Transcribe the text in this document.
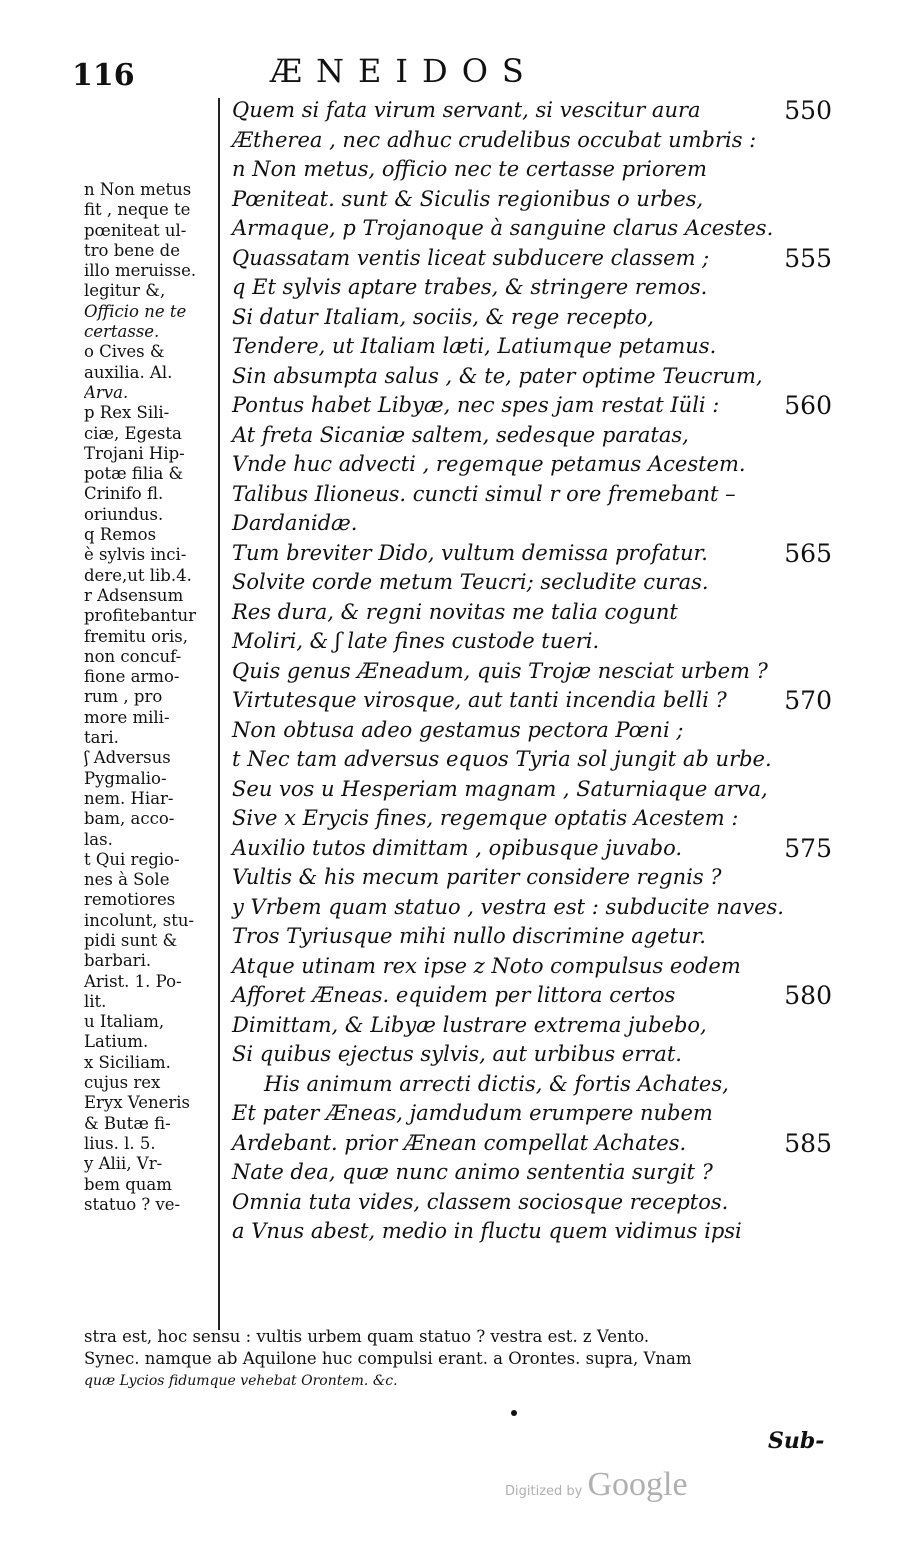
116	ÆNEIDOS
n Non metus
fit , neque te
pœniteat ul-
tro bene de
illo meruisse.
legitur &,
Officio ne te
certasse.
o Cives &
auxilia. Al.
Arva.
p Rex Sili-
ciæ, Egesta
Trojani Hip-
potæ filia &
Crinifo fl.
oriundus.
q Remos
è sylvis inci-
dere,ut lib.4.
r Adsensum
profitebantur
fremitu oris,
non concuf-
fione armo-
rum , pro
more mili-
tari.
ʃ Adversus
Pygmalio-
nem. Hiar-
bam, acco-
las.
t Qui regio-
nes à Sole
remotiores
incolunt, stu-
pidi sunt &
barbari.
Arist. 1. Po-
lit.
u Italiam,
Latium.
x Siciliam.
cujus rex
Eryx Veneris
& Butæ fi-
lius. l. 5.
y Alii, Vr-
bem quam
statuo ? ve-
Quem si fata virum servant, si vescitur aura	550
Ætherea , nec adhuc crudelibus occubat umbris :
n Non metus, officio nec te certasse priorem
Pœniteat. sunt & Siculis regionibus o urbes,
Armaque, p Trojanoque à sanguine clarus Acestes.
Quassatam ventis liceat subducere classem ;	555
q Et sylvis aptare trabes, & stringere remos.
Si datur Italiam, sociis, & rege recepto,
Tendere, ut Italiam læti, Latiumque petamus.
Sin absumpta salus , & te, pater optime Teucrum,
Pontus habet Libyæ, nec spes jam restat Iüli :	560
At freta Sicaniæ saltem, sedesque paratas,
Vnde huc advecti , regemque petamus Acestem.
Talibus Ilioneus. cuncti simul r ore fremebant –
Dardanidæ.
Tum breviter Dido, vultum demissa profatur.	565
Solvite corde metum Teucri; secludite curas.
Res dura, & regni novitas me talia cogunt
Moliri, & ʃ late fines custode tueri.
Quis genus Æneadum, quis Trojæ nesciat urbem ?
Virtutesque virosque, aut tanti incendia belli ? 570
Non obtusa adeo gestamus pectora Pœni ;
t Nec tam adversus equos Tyria sol jungit ab urbe.
Seu vos u Hesperiam magnam , Saturniaque arva,
Sive x Erycis fines, regemque optatis Acestem :
Auxilio tutos dimittam , opibusque juvabo.	575
Vultis & his mecum pariter considere regnis ?
y Vrbem quam statuo , vestra est : subducite naves.
Tros Tyriusque mihi nullo discrimine agetur.
Atque utinam rex ipse z Noto compulsus eodem
Afforet Æneas. equidem per littora certos	580
Dimittam, & Libyæ lustrare extrema jubebo,
Si quibus ejectus sylvis, aut urbibus errat.
His animum arrecti dictis, & fortis Achates,
Et pater Æneas, jamdudum erumpere nubem
Ardebant. prior Ænean compellat Achates.	585
Nate dea, quæ nunc animo sententia surgit ?
Omnia tuta vides, classem sociosque receptos.
a Vnus abest, medio in fluctu quem vidimus ipsi
stra est, hoc sensu : vultis urbem quam statuo ? vestra est. z Vento.
Synec. namque ab Aquilone huc compulsi erant. a Orontes. supra, Vnam
quæ Lycios fidumque vehebat Orontem. &c.
Sub-
Digitized by Google
